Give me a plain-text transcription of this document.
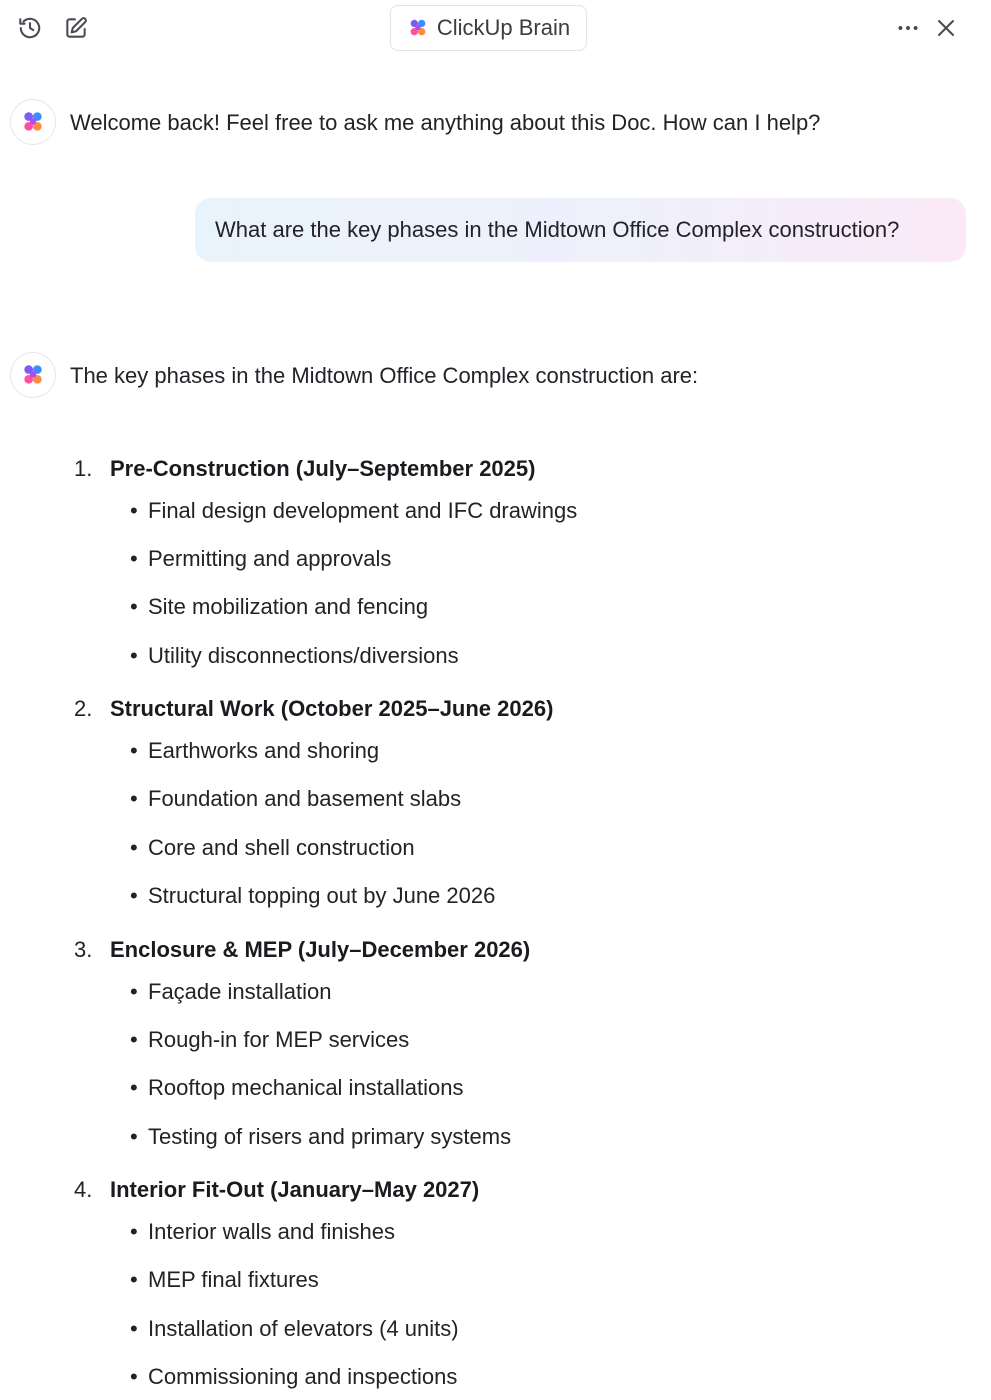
ClickUp Brain
Welcome back! Feel free to ask me anything about this Doc. How can I help?
What are the key phases in the Midtown Office Complex construction?
The key phases in the Midtown Office Complex construction are:
1. Pre-Construction (July–September 2025)
• Final design development and IFC drawings
• Permitting and approvals
• Site mobilization and fencing
• Utility disconnections/diversions
2. Structural Work (October 2025–June 2026)
• Earthworks and shoring
• Foundation and basement slabs
• Core and shell construction
• Structural topping out by June 2026
3. Enclosure & MEP (July–December 2026)
• Façade installation
• Rough-in for MEP services
• Rooftop mechanical installations
• Testing of risers and primary systems
4. Interior Fit-Out (January–May 2027)
• Interior walls and finishes
• MEP final fixtures
• Installation of elevators (4 units)
• Commissioning and inspections
